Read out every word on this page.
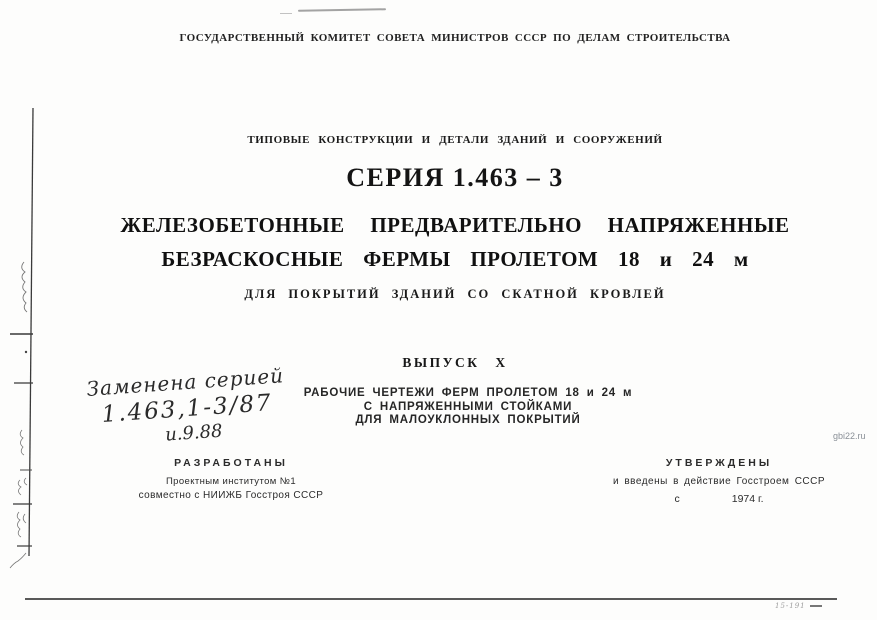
ГОСУДАРСТВЕННЫЙ КОМИТЕТ СОВЕТА МИНИСТРОВ СССР ПО ДЕЛАМ СТРОИТЕЛЬСТВА
ТИПОВЫЕ КОНСТРУКЦИИ И ДЕТАЛИ ЗДАНИЙ И СООРУЖЕНИЙ
СЕРИЯ 1.463 – 3
ЖЕЛЕЗОБЕТОННЫЕ ПРЕДВАРИТЕЛЬНО НАПРЯЖЕННЫЕ
БЕЗРАСКОСНЫЕ ФЕРМЫ ПРОЛЕТОМ 18 и 24 м
ДЛЯ ПОКРЫТИЙ ЗДАНИЙ СО СКАТНОЙ КРОВЛЕЙ
ВЫПУСК X
РАБОЧИЕ ЧЕРТЕЖИ ФЕРМ ПРОЛЕТОМ 18 и 24 м
С НАПРЯЖЕННЫМИ СТОЙКАМИ
ДЛЯ МАЛОУКЛОННЫХ ПОКРЫТИЙ
Заменена серией
1.463,1-3/87
и.9.88
РАЗРАБОТАНЫ
Проектным институтом №1
совместно с НИИЖБ Госстроя СССР
УТВЕРЖДЕНЫ
и введены в действие Госстроем СССР
с	1974 г.
gbi22.ru
15-191
